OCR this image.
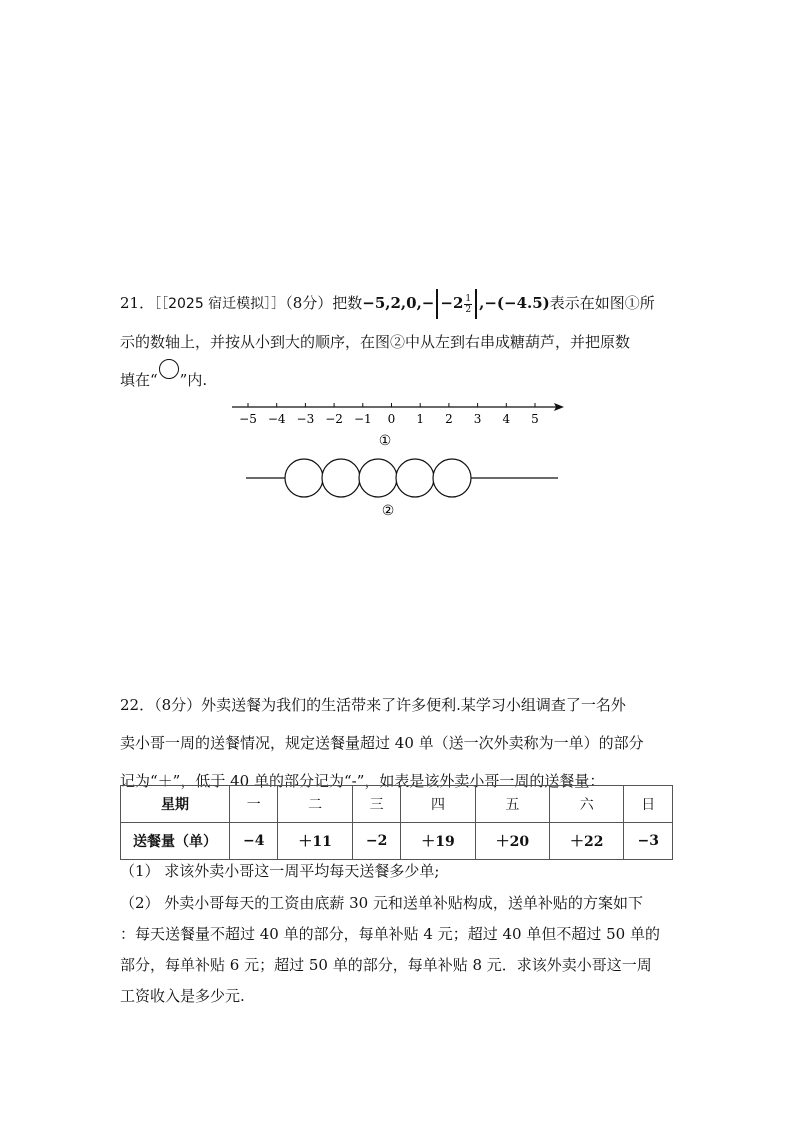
21．［［2025 宿迁模拟］］（8分）把数$-5,2,0,- -2 \frac{1}{2} ,-(-4.5)$表示在如图①所
示的数轴上，并按从小到大的顺序，在图②中从左到右串成糖葫芦，并把原数
填在“ ”内.
−5 −4 −3 −2 −1 0 1 2 3 4 5
①
②
22．（8分）外卖送餐为我们的生活带来了许多便利.某学习小组调查了一名外
卖小哥一周的送餐情况，规定送餐量超过 40 单（送一次外卖称为一单）的部分
记为“＋”，低于 40 单的部分记为“-”，如表是该外卖小哥一周的送餐量：
星期	一	二	三	四	五	六	日
送餐量（单）	−4	＋11	−2	＋19	＋20	＋22	−3
（1） 求该外卖小哥这一周平均每天送餐多少单;
（2） 外卖小哥每天的工资由底薪 30 元和送单补贴构成，送单补贴的方案如下
：每天送餐量不超过 40 单的部分，每单补贴 4 元；超过 40 单但不超过 50 单的
部分，每单补贴 6 元；超过 50 单的部分，每单补贴 8 元．求该外卖小哥这一周
工资收入是多少元.
